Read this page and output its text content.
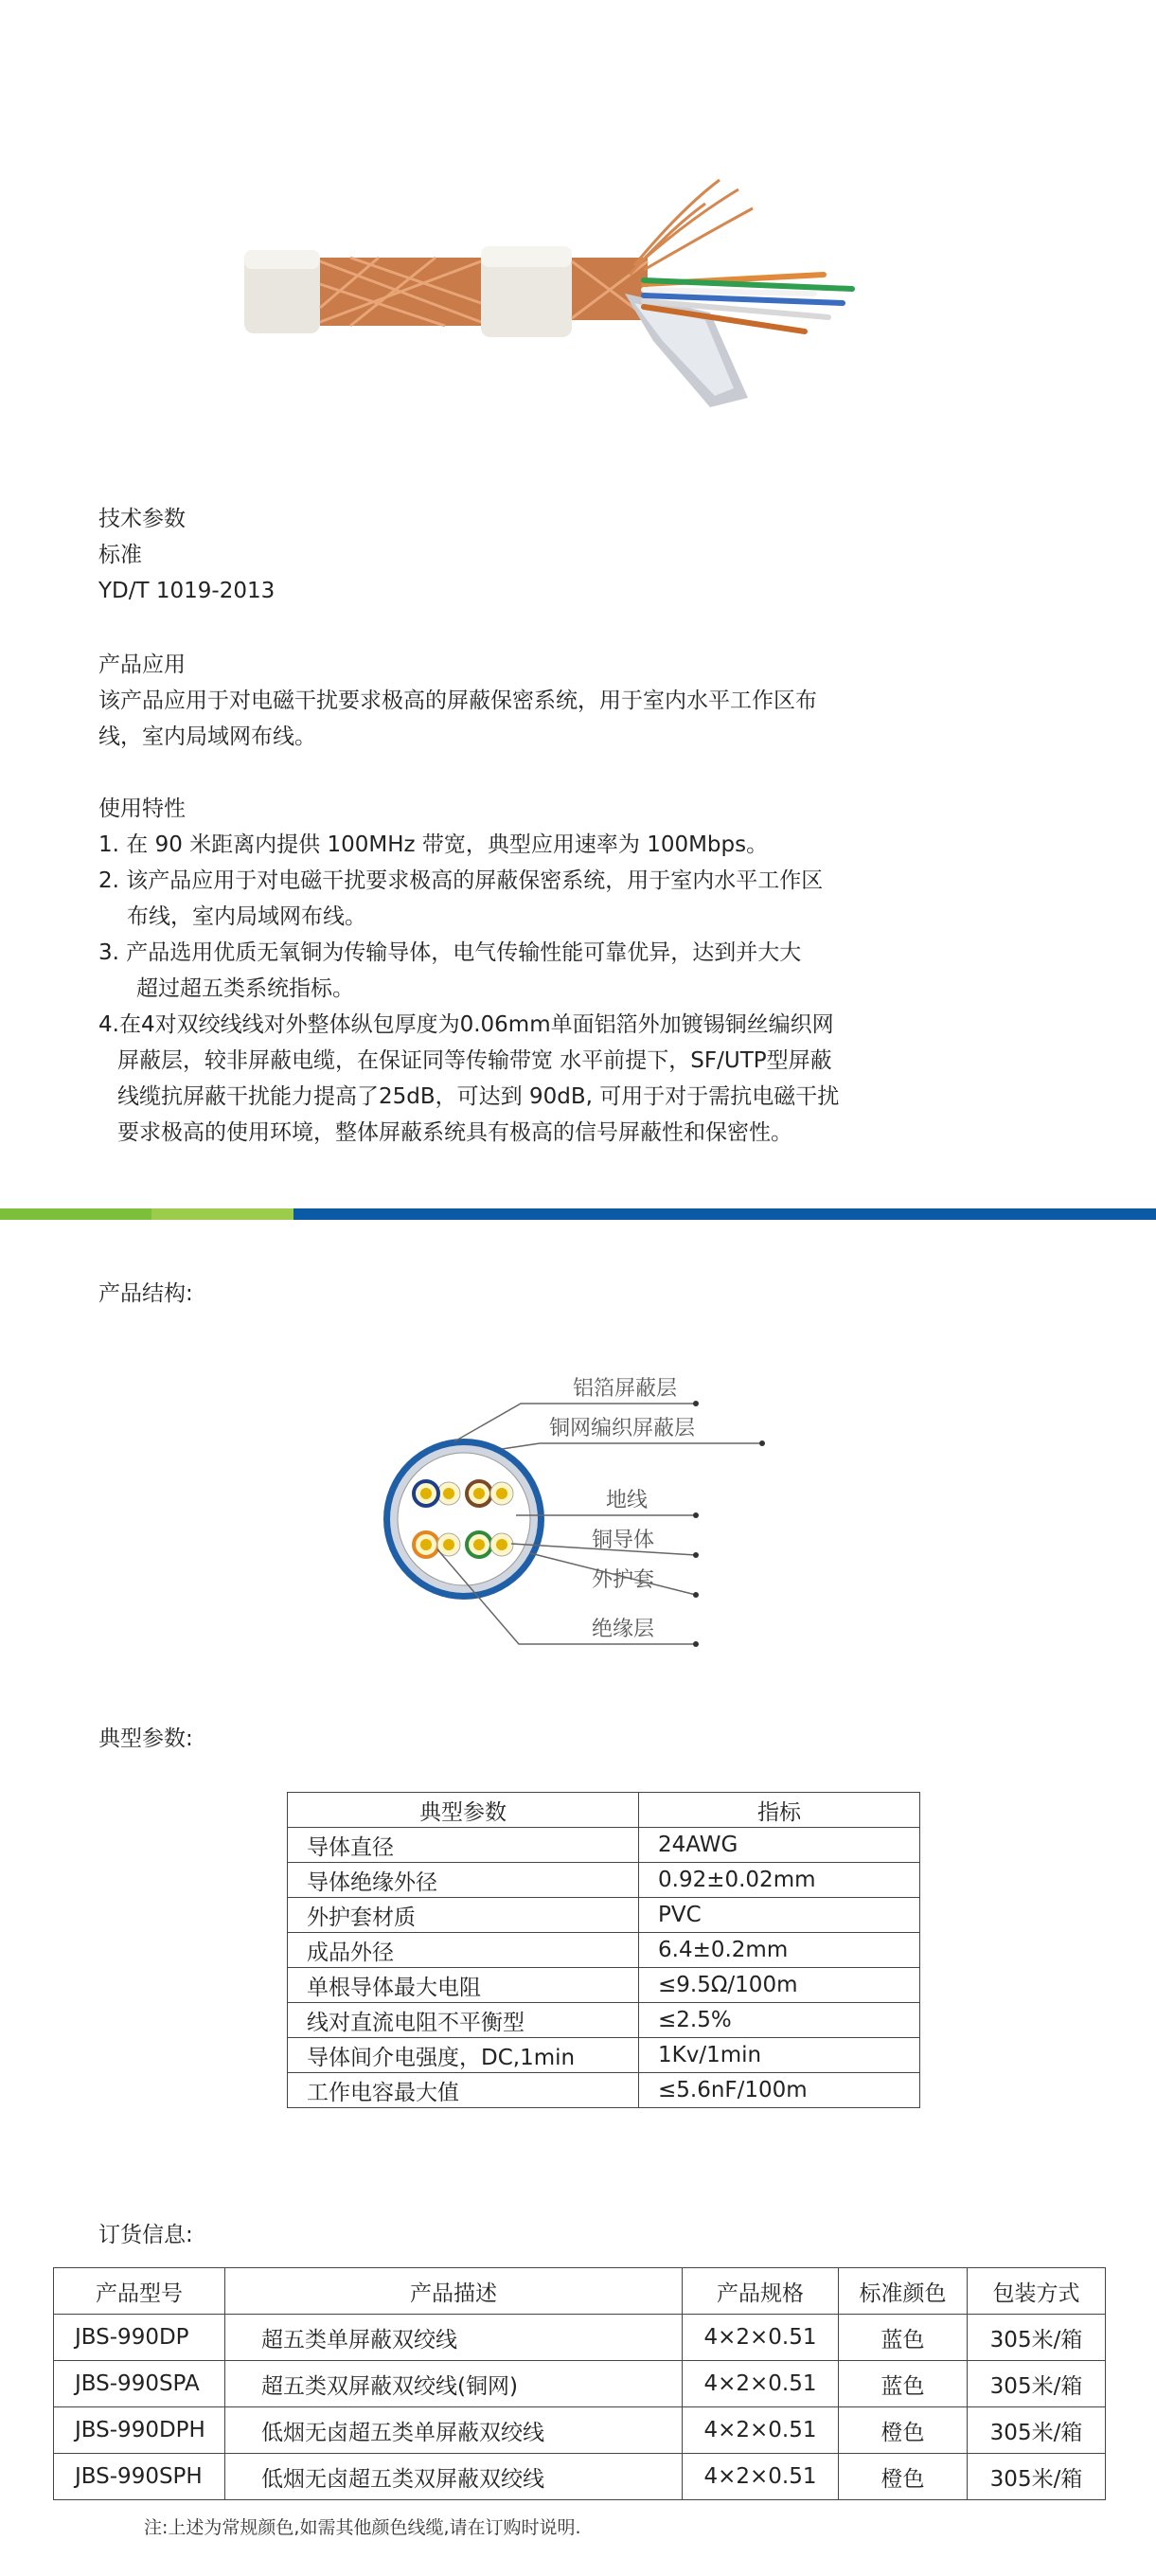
技术参数
标准
YD/T 1019-2013
产品应用
该产品应用于对电磁干扰要求极高的屏蔽保密系统，用于室内水平工作区布
线，室内局域网布线。
使用特性
1. 在 90 米距离内提供 100MHz 带宽，典型应用速率为 100Mbps。
2. 该产品应用于对电磁干扰要求极高的屏蔽保密系统，用于室内水平工作区
布线，室内局域网布线。
3. 产品选用优质无氧铜为传输导体，电气传输性能可靠优异，达到并大大
超过超五类系统指标。
4.在4对双绞线线对外整体纵包厚度为0.06mm单面铝箔外加镀锡铜丝编织网
屏蔽层，较非屏蔽电缆，在保证同等传输带宽 水平前提下，SF/UTP型屏蔽
线缆抗屏蔽干扰能力提高了25dB，可达到 90dB, 可用于对于需抗电磁干扰
要求极高的使用环境，整体屏蔽系统具有极高的信号屏蔽性和保密性。
产品结构:
铝箔屏蔽层
铜网编织屏蔽层
地线
铜导体
外护套
绝缘层
典型参数:
典型参数	指标
导体直径	24AWG
导体绝缘外径	0.92±0.02mm
外护套材质	PVC
成品外径	6.4±0.2mm
单根导体最大电阻	≤9.5Ω/100m
线对直流电阻不平衡型	≤2.5%
导体间介电强度，DC,1min	1Kv/1min
工作电容最大值	≤5.6nF/100m
订货信息:
产品型号	产品描述	产品规格	标准颜色	包装方式
JBS-990DP	超五类单屏蔽双绞线	4×2×0.51	蓝色	305米/箱
JBS-990SPA	超五类双屏蔽双绞线(铜网)	4×2×0.51	蓝色	305米/箱
JBS-990DPH	低烟无卤超五类单屏蔽双绞线	4×2×0.51	橙色	305米/箱
JBS-990SPH	低烟无卤超五类双屏蔽双绞线	4×2×0.51	橙色	305米/箱
注:上述为常规颜色,如需其他颜色线缆,请在订购时说明.
